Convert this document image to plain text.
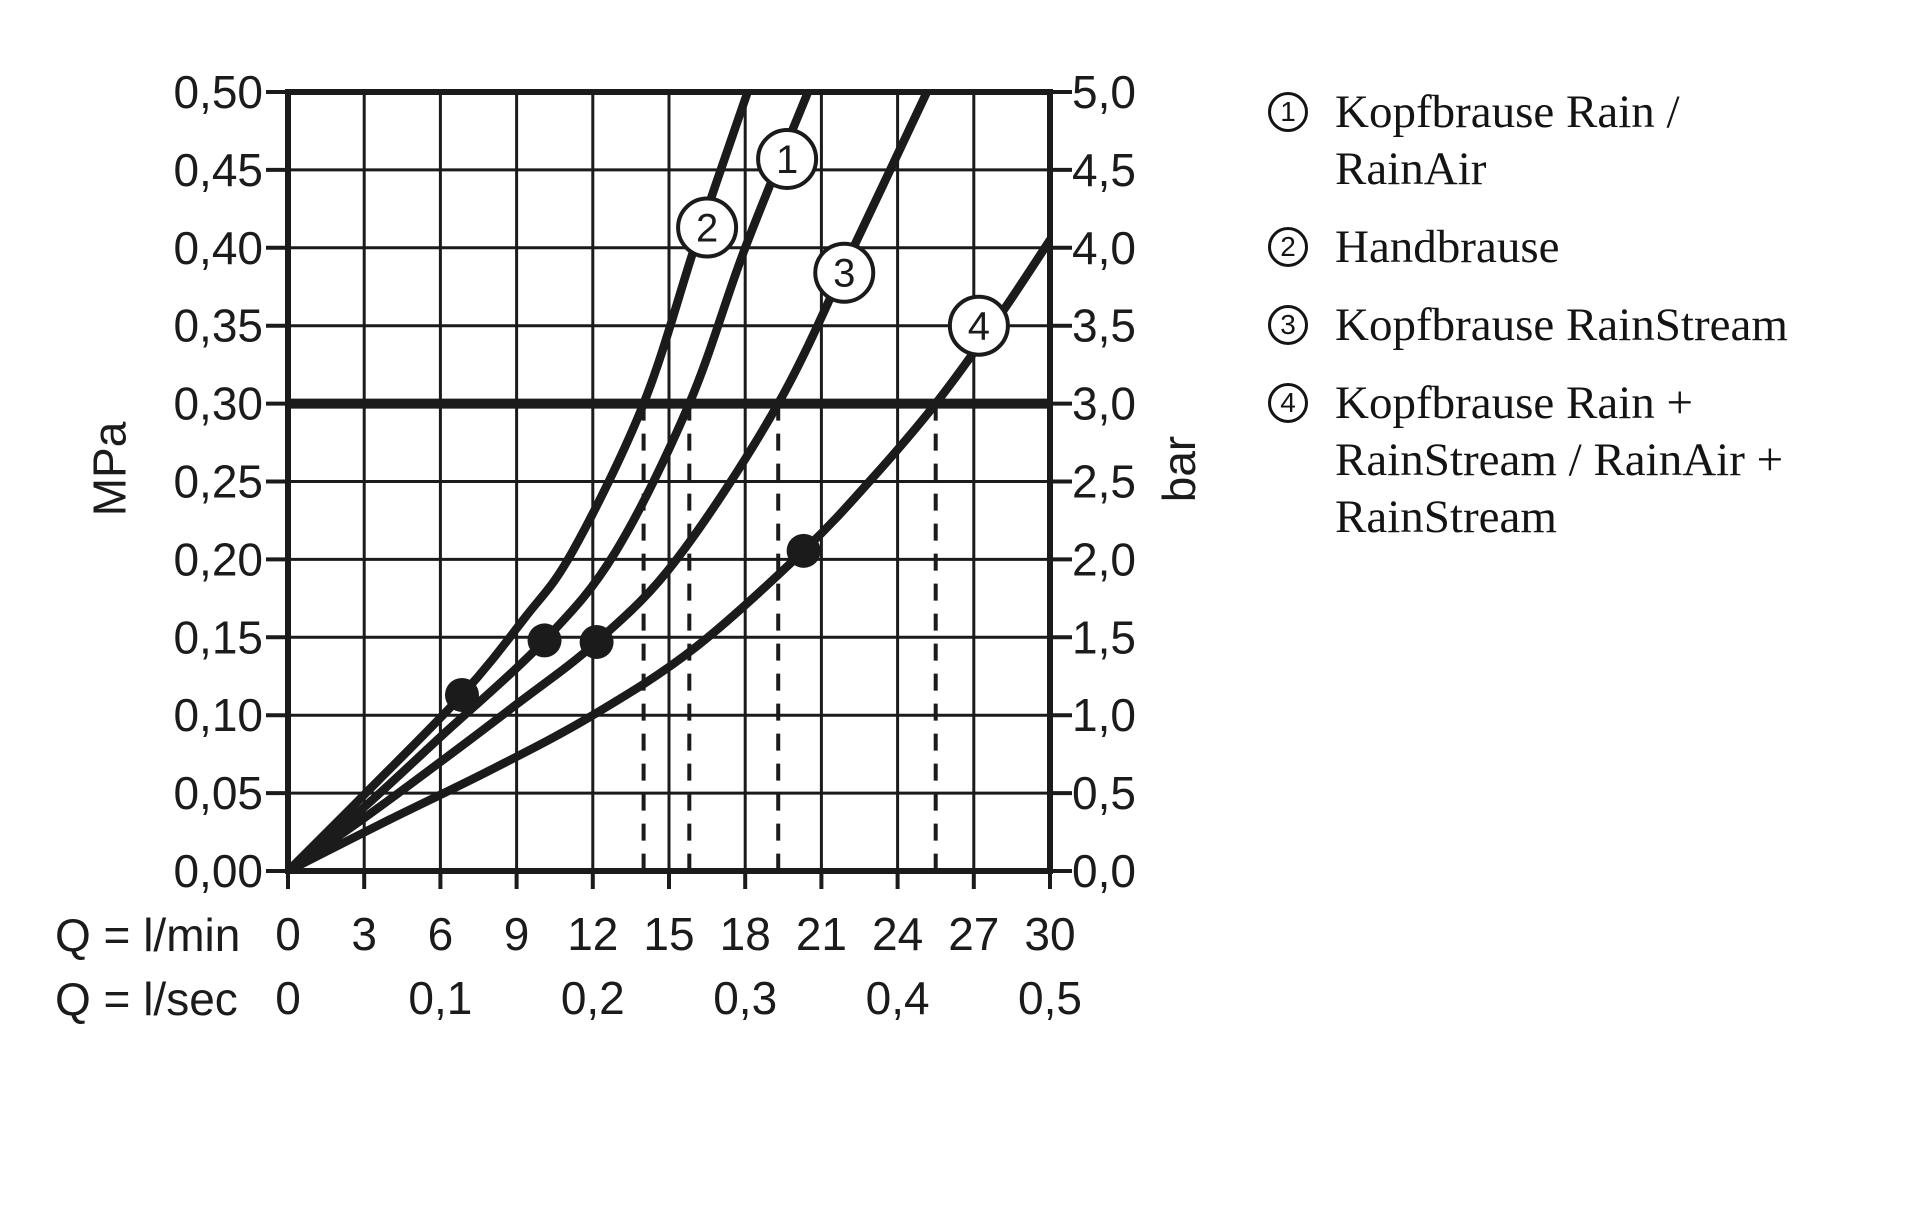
1
2
3
4
0,00
0,05
0,10
0,15
0,20
0,25
0,30
0,35
0,40
0,45
0,50
0,0
0,5
1,0
1,5
2,0
2,5
3,0
3,5
4,0
4,5
5,0
0 3 6 9 12 15 18 21 24 27 30
0 0,1 0,2 0,3 0,4 0,5
MPa	bar
Q = l/min
Q = l/sec
1 Kopfbrause Rain /
RainAir
2 Handbrause
3 Kopfbrause RainStream
4 Kopfbrause Rain +
RainStream / RainAir +
RainStream
